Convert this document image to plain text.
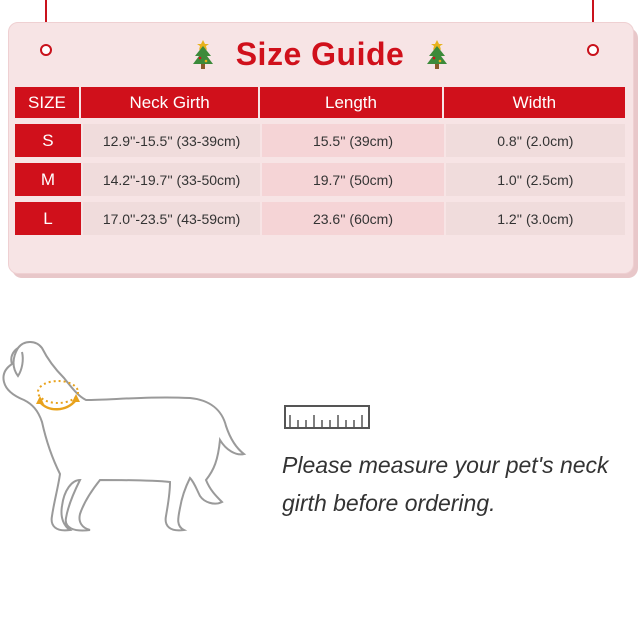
Size Guide
SIZE	Neck Girth	Length	Width
S	12.9''-15.5'' (33-39cm)	15.5'' (39cm)	0.8'' (2.0cm)
M	14.2''-19.7'' (33-50cm)	19.7'' (50cm)	1.0'' (2.5cm)
L	17.0''-23.5'' (43-59cm)	23.6'' (60cm)	1.2'' (3.0cm)
Please measure your pet's neck
girth before ordering.
